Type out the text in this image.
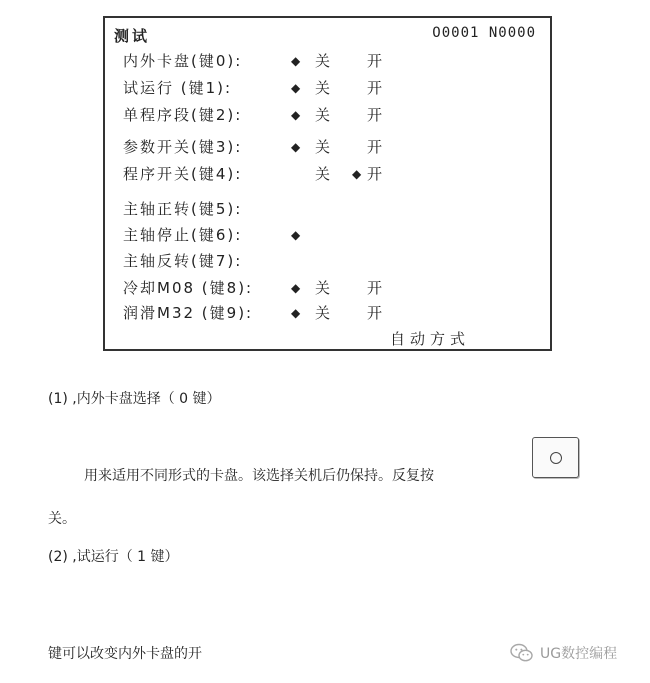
测试	O0001 N0000
内外卡盘(键0):	◆ 关 开
试运行 (键1):	◆ 关 开
单程序段(键2):	◆ 关 开
参数开关(键3):	◆ 关 开
程序开关(键4):	关 ◆ 开
主轴正转(键5):
主轴停止(键6):	◆
主轴反转(键7):
冷却M08 (键8):	◆ 关 开
润滑M32 (键9):	◆ 关 开
自动方式
(1) ,内外卡盘选择（ 0 键）
用来适用不同形式的卡盘。该选择关机后仍保持。反复按
关。
(2) ,试运行（ 1 键）
键可以改变内外卡盘的开	UG数控编程
